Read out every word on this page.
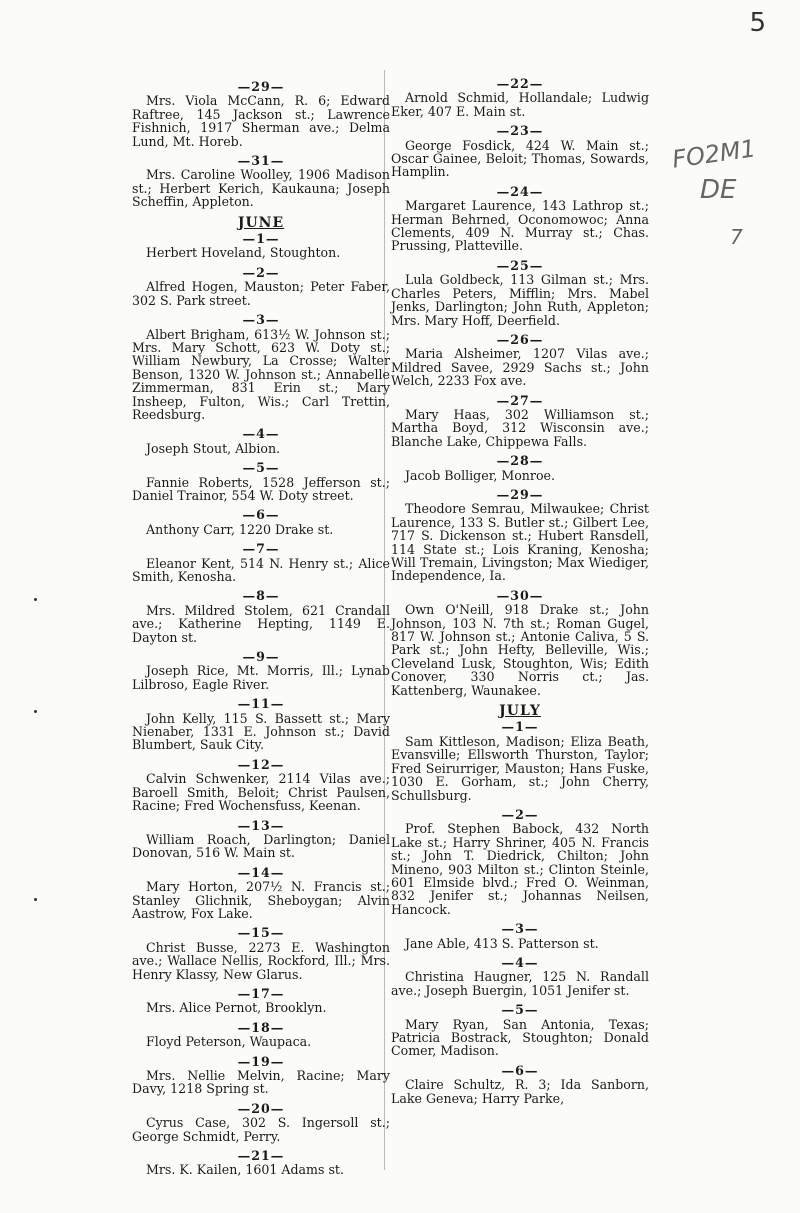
5
FO2M1
DE
7
—29—
Mrs. Viola McCann, R. 6; Edward Raftree, 145 Jackson st.; Lawrence Fishnich, 1917 Sherman ave.; Delma Lund, Mt. Horeb.
—31—
Mrs. Caroline Woolley, 1906 Madison st.; Herbert Kerich, Kaukauna; Joseph Scheffin, Appleton.
JUNE
—1—
Herbert Hoveland, Stoughton.
—2—
Alfred Hogen, Mauston; Peter Faber, 302 S. Park street.
—3—
Albert Brigham, 613½ W. Johnson st.; Mrs. Mary Schott, 623 W. Doty st.; William Newbury, La Crosse; Walter Benson, 1320 W. Johnson st.; Annabelle Zimmerman, 831 Erin st.; Mary Insheep, Fulton, Wis.; Carl Trettin, Reedsburg.
—4—
Joseph Stout, Albion.
—5—
Fannie Roberts, 1528 Jefferson st.; Daniel Trainor, 554 W. Doty street.
—6—
Anthony Carr, 1220 Drake st.
—7—
Eleanor Kent, 514 N. Henry st.; Alice Smith, Kenosha.
—8—
Mrs. Mildred Stolem, 621 Crandall ave.; Katherine Hepting, 1149 E. Dayton st.
—9—
Joseph Rice, Mt. Morris, Ill.; Lynab Lilbroso, Eagle River.
—11—
John Kelly, 115 S. Bassett st.; Mary Nienaber, 1331 E. Johnson st.; David Blumbert, Sauk City.
—12—
Calvin Schwenker, 2114 Vilas ave.; Baroell Smith, Beloit; Christ Paulsen, Racine; Fred Wochensfuss, Keenan.
—13—
William Roach, Darlington; Daniel Donovan, 516 W. Main st.
—14—
Mary Horton, 207½ N. Francis st.; Stanley Glichnik, Sheboygan; Alvin Aastrow, Fox Lake.
—15—
Christ Busse, 2273 E. Washington ave.; Wallace Nellis, Rockford, Ill.; Mrs. Henry Klassy, New Glarus.
—17—
Mrs. Alice Pernot, Brooklyn.
—18—
Floyd Peterson, Waupaca.
—19—
Mrs. Nellie Melvin, Racine; Mary Davy, 1218 Spring st.
—20—
Cyrus Case, 302 S. Ingersoll st.; George Schmidt, Perry.
—21—
Mrs. K. Kailen, 1601 Adams st.
—22—
Arnold Schmid, Hollandale; Ludwig Eker, 407 E. Main st.
—23—
George Fosdick, 424 W. Main st.; Oscar Gainee, Beloit; Thomas, Sowards, Hamplin.
—24—
Margaret Laurence, 143 Lathrop st.; Herman Behrned, Oconomowoc; Anna Clements, 409 N. Murray st.; Chas. Prussing, Platteville.
—25—
Lula Goldbeck, 113 Gilman st.; Mrs. Charles Peters, Mifflin; Mrs. Mabel Jenks, Darlington; John Ruth, Appleton; Mrs. Mary Hoff, Deerfield.
—26—
Maria Alsheimer, 1207 Vilas ave.; Mildred Savee, 2929 Sachs st.; John Welch, 2233 Fox ave.
—27—
Mary Haas, 302 Williamson st.; Martha Boyd, 312 Wisconsin ave.; Blanche Lake, Chippewa Falls.
—28—
Jacob Bolliger, Monroe.
—29—
Theodore Semrau, Milwaukee; Christ Laurence, 133 S. Butler st.; Gilbert Lee, 717 S. Dickenson st.; Hubert Ransdell, 114 State st.; Lois Kraning, Kenosha; Will Tremain, Livingston; Max Wiediger, Independence, Ia.
—30—
Own O'Neill, 918 Drake st.; John Johnson, 103 N. 7th st.; Roman Gugel, 817 W. Johnson st.; Antonie Caliva, 5 S. Park st.; John Hefty, Belleville, Wis.; Cleveland Lusk, Stoughton, Wis; Edith Conover, 330 Norris ct.; Jas. Kattenberg, Waunakee.
JULY
—1—
Sam Kittleson, Madison; Eliza Beath, Evansville; Ellsworth Thurston, Taylor; Fred Seirurriger, Mauston; Hans Fuske, 1030 E. Gorham, st.; John Cherry, Schullsburg.
—2—
Prof. Stephen Babock, 432 North Lake st.; Harry Shriner, 405 N. Francis st.; John T. Diedrick, Chilton; John Mineno, 903 Milton st.; Clinton Steinle, 601 Elmside blvd.; Fred O. Weinman, 832 Jenifer st.; Johannas Neilsen, Hancock.
—3—
Jane Able, 413 S. Patterson st.
—4—
Christina Haugner, 125 N. Randall ave.; Joseph Buergin, 1051 Jenifer st.
—5—
Mary Ryan, San Antonia, Texas; Patricia Bostrack, Stoughton; Donald Comer, Madison.
—6—
Claire Schultz, R. 3; Ida Sanborn, Lake Geneva; Harry Parke,
